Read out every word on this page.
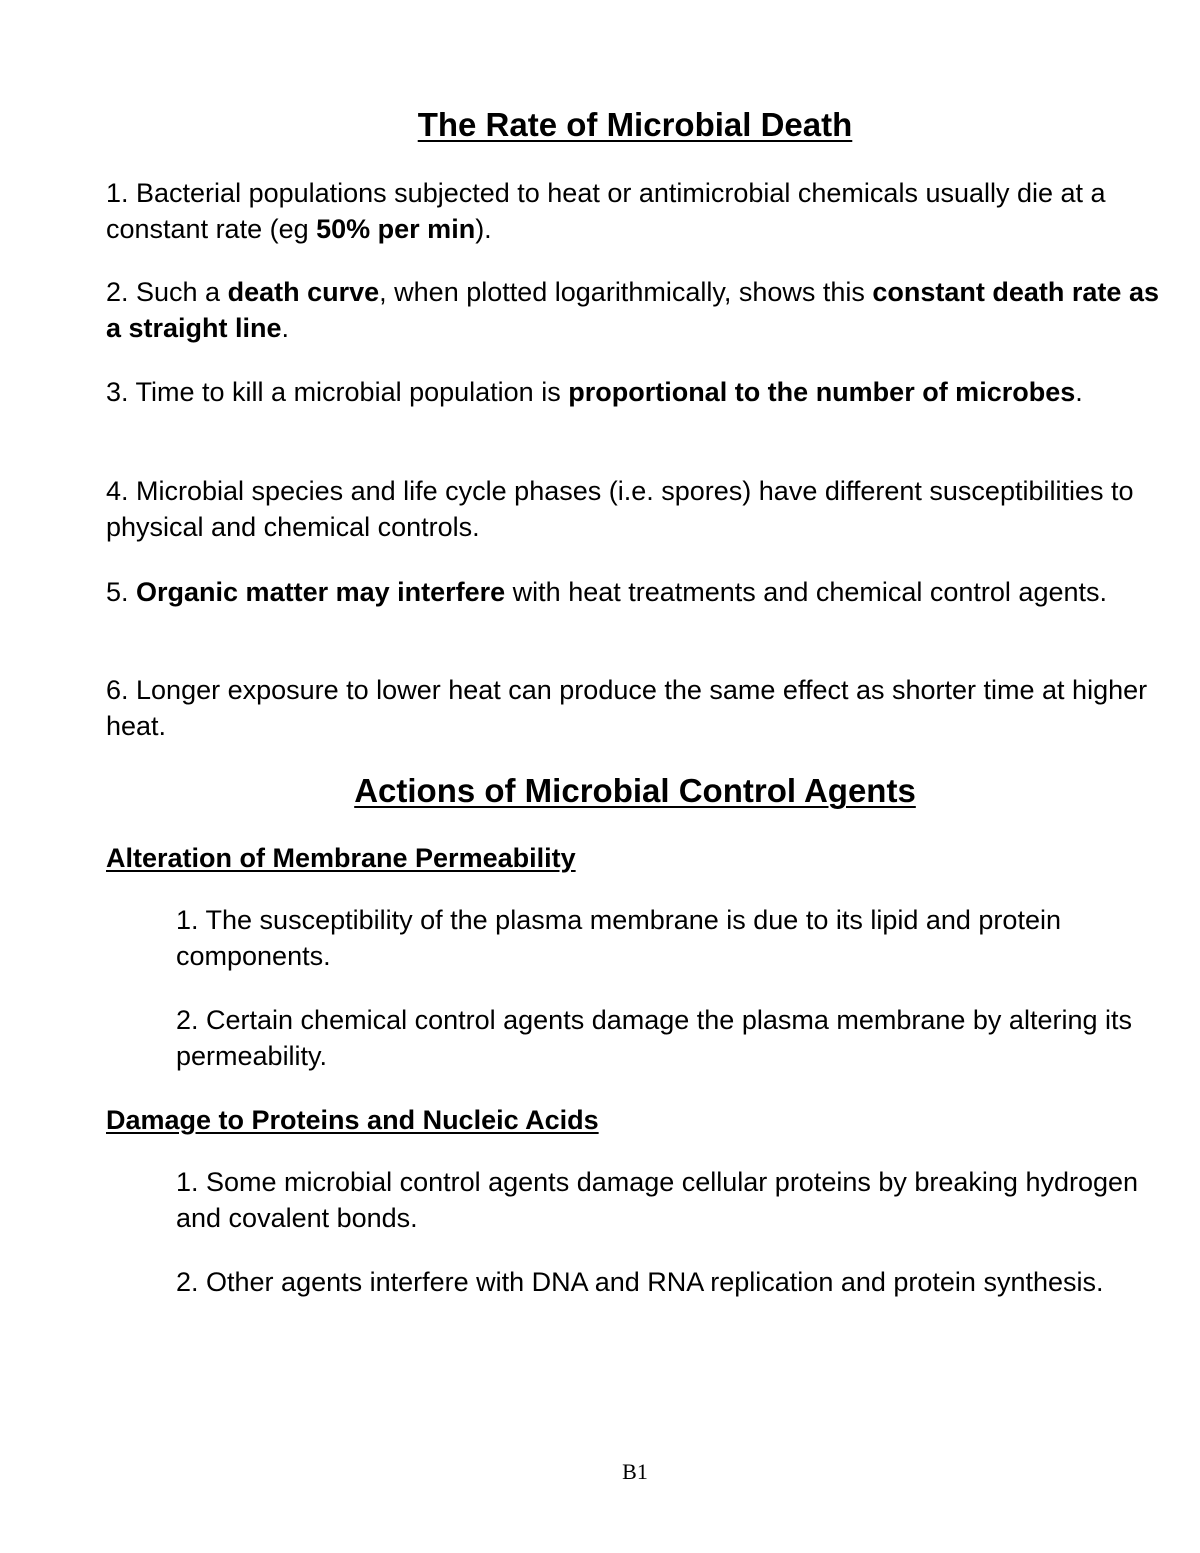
The Rate of Microbial Death
1. Bacterial populations subjected to heat or antimicrobial chemicals usually die at a constant rate (eg 50% per min).
2. Such a death curve, when plotted logarithmically, shows this constant death rate as a straight line.
3. Time to kill a microbial population is proportional to the number of microbes.
4. Microbial species and life cycle phases (i.e. spores) have different susceptibilities to physical and chemical controls.
5. Organic matter may interfere with heat treatments and chemical control agents.
6. Longer exposure to lower heat can produce the same effect as shorter time at higher heat.
Actions of Microbial Control Agents
Alteration of Membrane Permeability
1. The susceptibility of the plasma membrane is due to its lipid and protein components.
2. Certain chemical control agents damage the plasma membrane by altering its permeability.
Damage to Proteins and Nucleic Acids
1. Some microbial control agents damage cellular proteins by breaking hydrogen and covalent bonds.
2. Other agents interfere with DNA and RNA replication and protein synthesis.
B1
